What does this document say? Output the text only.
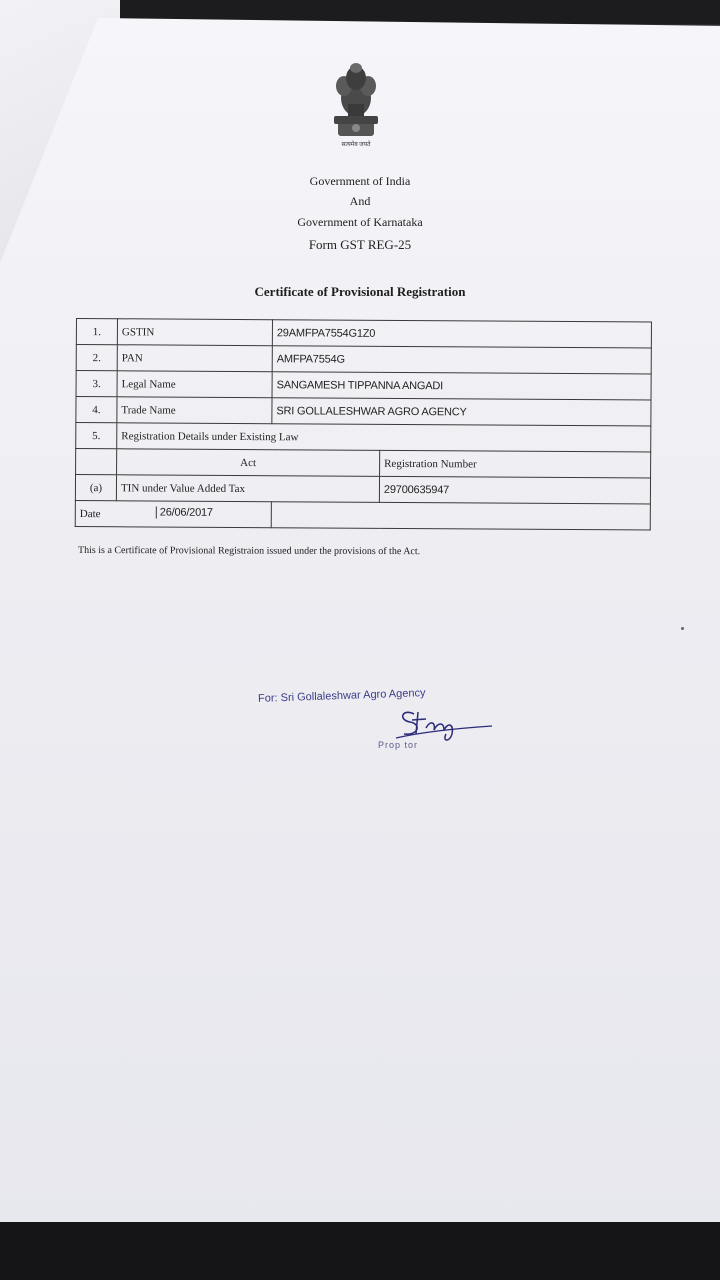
सत्यमेव जयते
Government of India
And
Government of Karnataka
Form GST REG-25
Certificate of Provisional Registration
1.	GSTIN	29AMFPA7554G1Z0	
2.	PAN	AMFPA7554G	
3.	Legal Name	SANGAMESH TIPPANNA ANGADI	
4.	Trade Name	SRI GOLLALESHWAR AGRO AGENCY	
5.	Registration Details under Existing Law		
	Act		Registration Number
(a)	TIN under Value Added Tax		29700635947
Date 26/06/2017			

This is a Certificate of Provisional Registraion issued under the provisions of the Act.
For: Sri Gollaleshwar Agro Agency
Prop tor
